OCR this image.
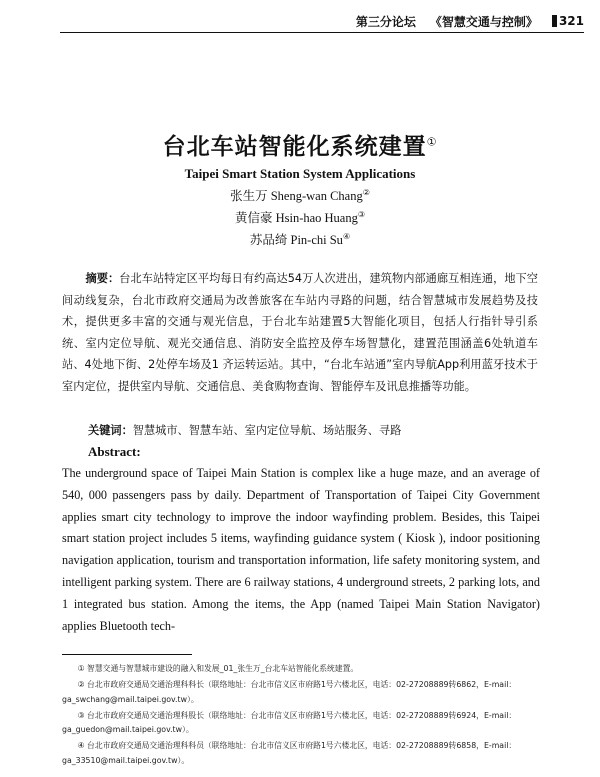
第三分论坛 《智慧交通与控制》 321
台北车站智能化系统建置①
Taipei Smart Station System Applications
张生万 Sheng-wan Chang②
黄信豪 Hsin-hao Huang③
苏品绮 Pin-chi Su④
摘要：台北车站特定区平均每日有约高达54万人次进出，建筑物内部通廊互相连通，地下空间动线复杂，台北市政府交通局为改善旅客在车站内寻路的问题，结合智慧城市发展趋势及技术，提供更多丰富的交通与观光信息，于台北车站建置5大智能化项目，包括人行指针导引系统、室内定位导航、观光交通信息、消防安全监控及停车场智慧化，建置范围涵盖6处轨道车站、4处地下街、2处停车场及1 齐运转运站。其中，“台北车站通”室内导航App利用蓝牙技术于室内定位，提供室内导航、交通信息、美食购物查询、智能停车及讯息推播等功能。
关键词：智慧城市、智慧车站、室内定位导航、场站服务、寻路
Abstract:
The underground space of Taipei Main Station is complex like a huge maze, and an average of 540, 000 passengers pass by daily. Department of Transportation of Taipei City Government applies smart city technology to improve the indoor wayfinding problem. Besides, this Taipei smart station project includes 5 items, wayfinding guidance system ( Kiosk ), indoor positioning navigation application, tourism and transportation information, life safety monitoring system, and intelligent parking system. There are 6 railway stations, 4 underground streets, 2 parking lots, and 1 integrated bus station. Among the items, the App (named Taipei Main Station Navigator) applies Bluetooth tech-

① 智慧交通与智慧城市建设的融入和发展_01_张生万_台北车站智能化系统建置。

② 台北市政府交通局交通治理科科长（联络地址：台北市信义区市府路1号六楼北区，电话：02-27208889转6862，E-mail：ga_swchang@mail.taipei.gov.tw）。

③ 台北市政府交通局交通治理科股长（联络地址：台北市信义区市府路1号六楼北区，电话：02-27208889转6924，E-mail：ga_guedon@mail.taipei.gov.tw）。

④ 台北市政府交通局交通治理科科员（联络地址：台北市信义区市府路1号六楼北区，电话：02-27208889转6858，E-mail：ga_33510@mail.taipei.gov.tw）。
